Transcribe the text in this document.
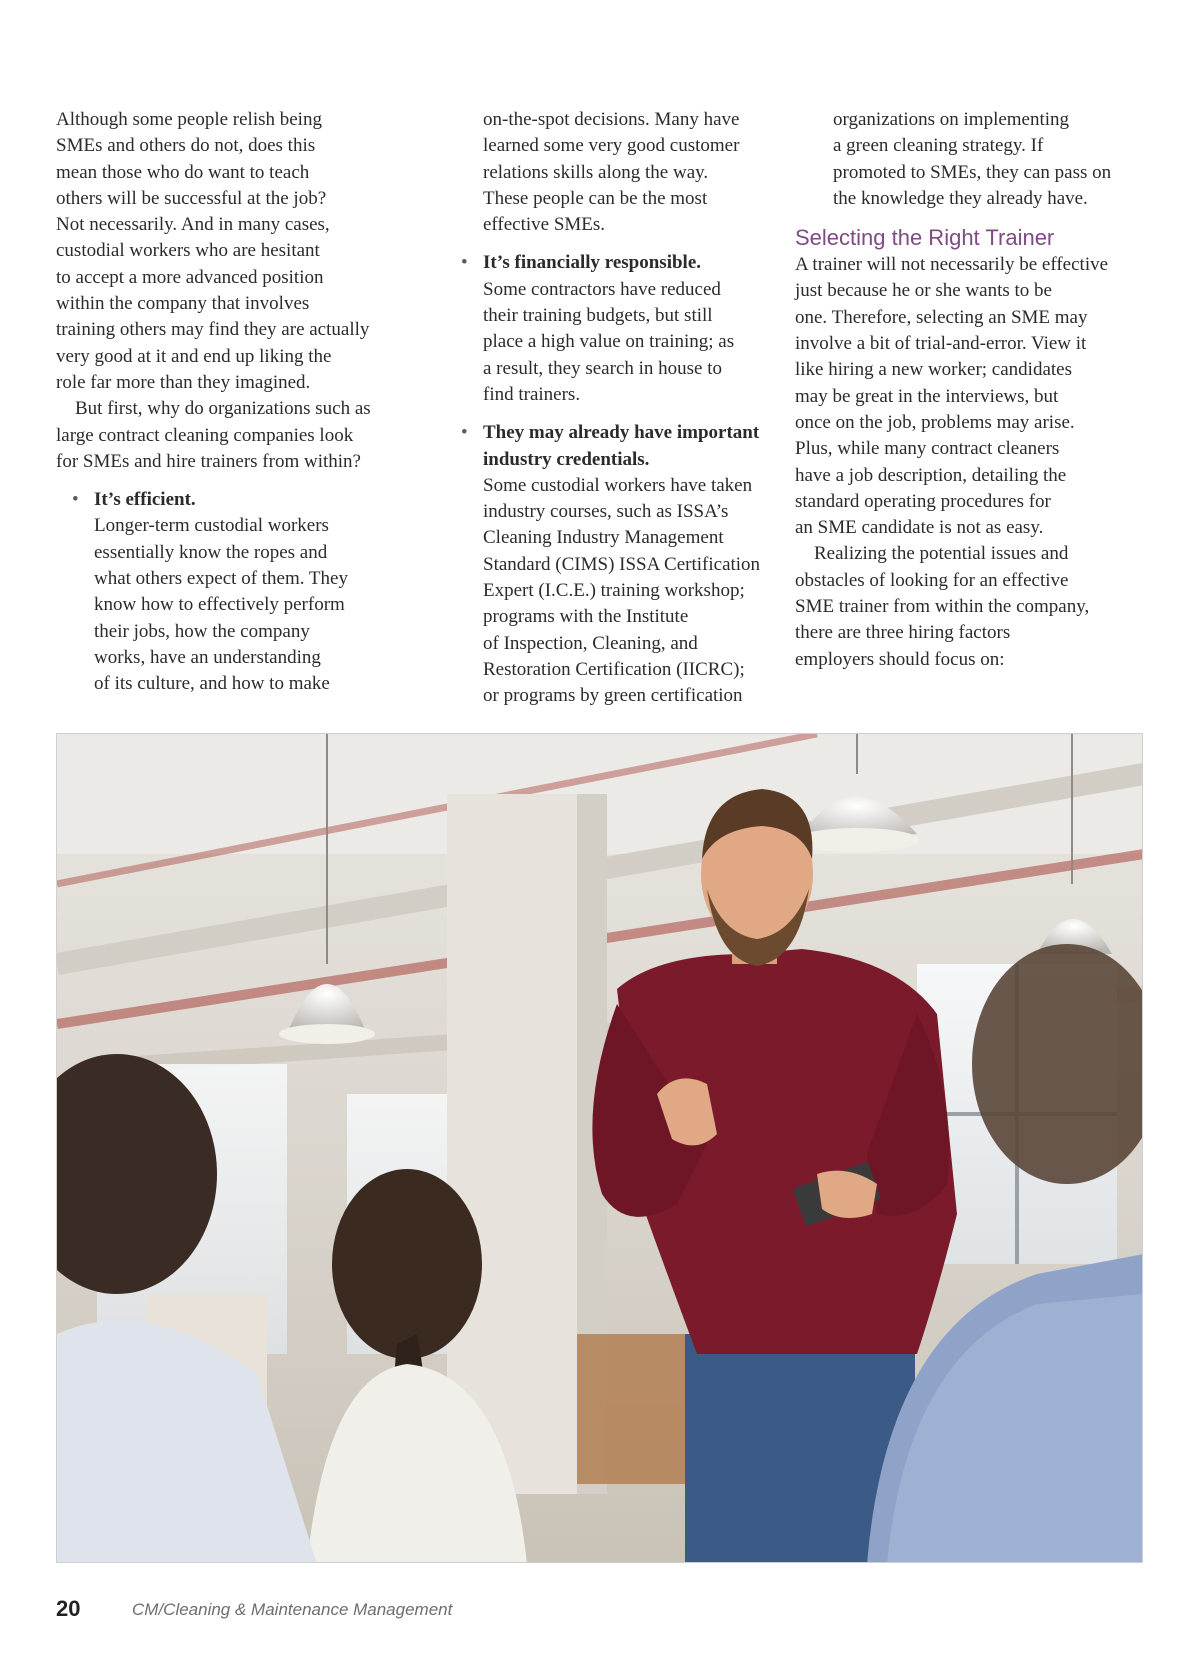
Although some people relish being
SMEs and others do not, does this
mean those who do want to teach
others will be successful at the job?
Not necessarily. And in many cases,
custodial workers who are hesitant
to accept a more advanced position
within the company that involves
training others may find they are actually
very good at it and end up liking the
role far more than they imagined.

But first, why do organizations such as
large contract cleaning companies look
for SMEs and hire trainers from within?

• It’s efficient.
Longer-term custodial workers
essentially know the ropes and
what others expect of them. They
know how to effectively perform
their jobs, how the company
works, have an understanding
of its culture, and how to make
on-the-spot decisions. Many have
learned some very good customer
relations skills along the way.
These people can be the most
effective SMEs.
• It’s financially responsible.
Some contractors have reduced
their training budgets, but still
place a high value on training; as
a result, they search in house to
find trainers.
• They may already have important
industry credentials.
Some custodial workers have taken
industry courses, such as ISSA’s
Cleaning Industry Management
Standard (CIMS) ISSA Certification
Expert (I.C.E.) training workshop;
programs with the Institute
of Inspection, Cleaning, and
Restoration Certification (IICRC);
or programs by green certification
organizations on implementing
a green cleaning strategy. If
promoted to SMEs, they can pass on
the knowledge they already have.
Selecting the Right Trainer

A trainer will not necessarily be effective
just because he or she wants to be
one. Therefore, selecting an SME may
involve a bit of trial-and-error. View it
like hiring a new worker; candidates
may be great in the interviews, but
once on the job, problems may arise.
Plus, while many contract cleaners
have a job description, detailing the
standard operating procedures for
an SME candidate is not as easy.

Realizing the potential issues and
obstacles of looking for an effective
SME trainer from within the company,
there are three hiring factors
employers should focus on:

20	CM/Cleaning & Maintenance Management
